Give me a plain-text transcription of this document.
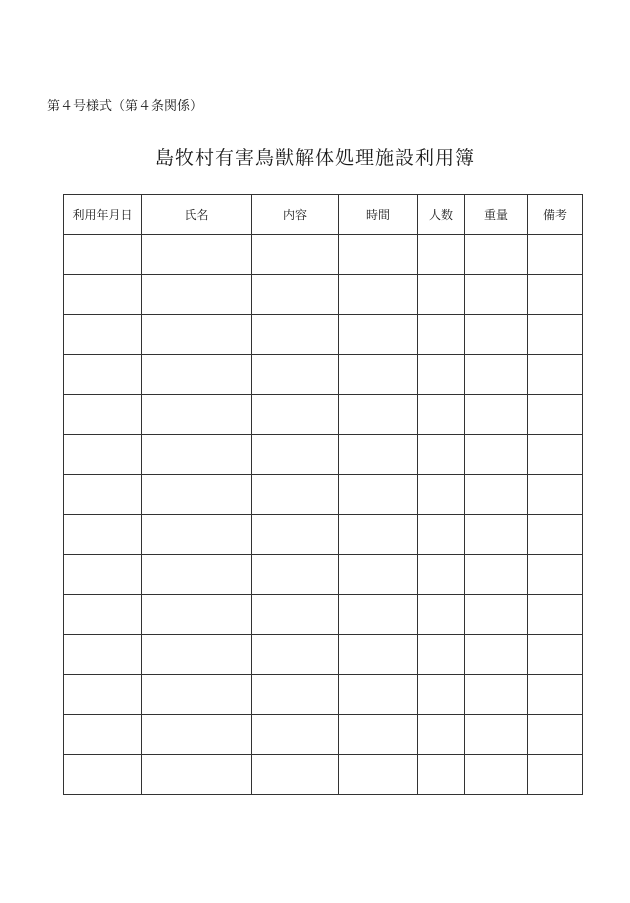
第４号様式（第４条関係）
島牧村有害鳥獣解体処理施設利用簿
利用年月日	氏名	内容	時間	人数	重量	備考
